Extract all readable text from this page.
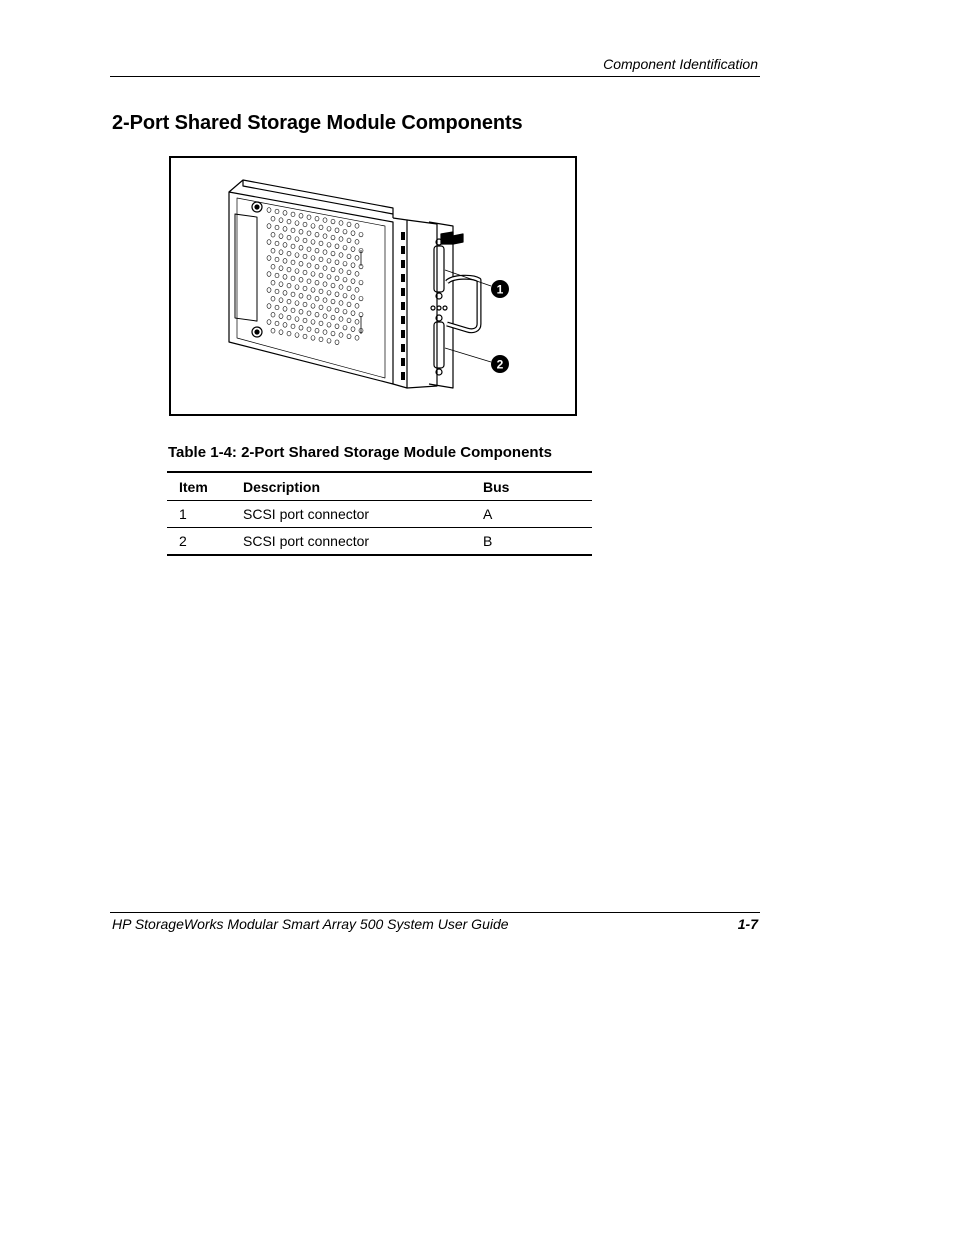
Component Identification
2-Port Shared Storage Module Components
1
2
Table 1-4: 2-Port Shared Storage Module Components
Item	Description	Bus
1	SCSI port connector	A
2	SCSI port connector	B
HP StorageWorks Modular Smart Array 500 System User Guide	1-7
